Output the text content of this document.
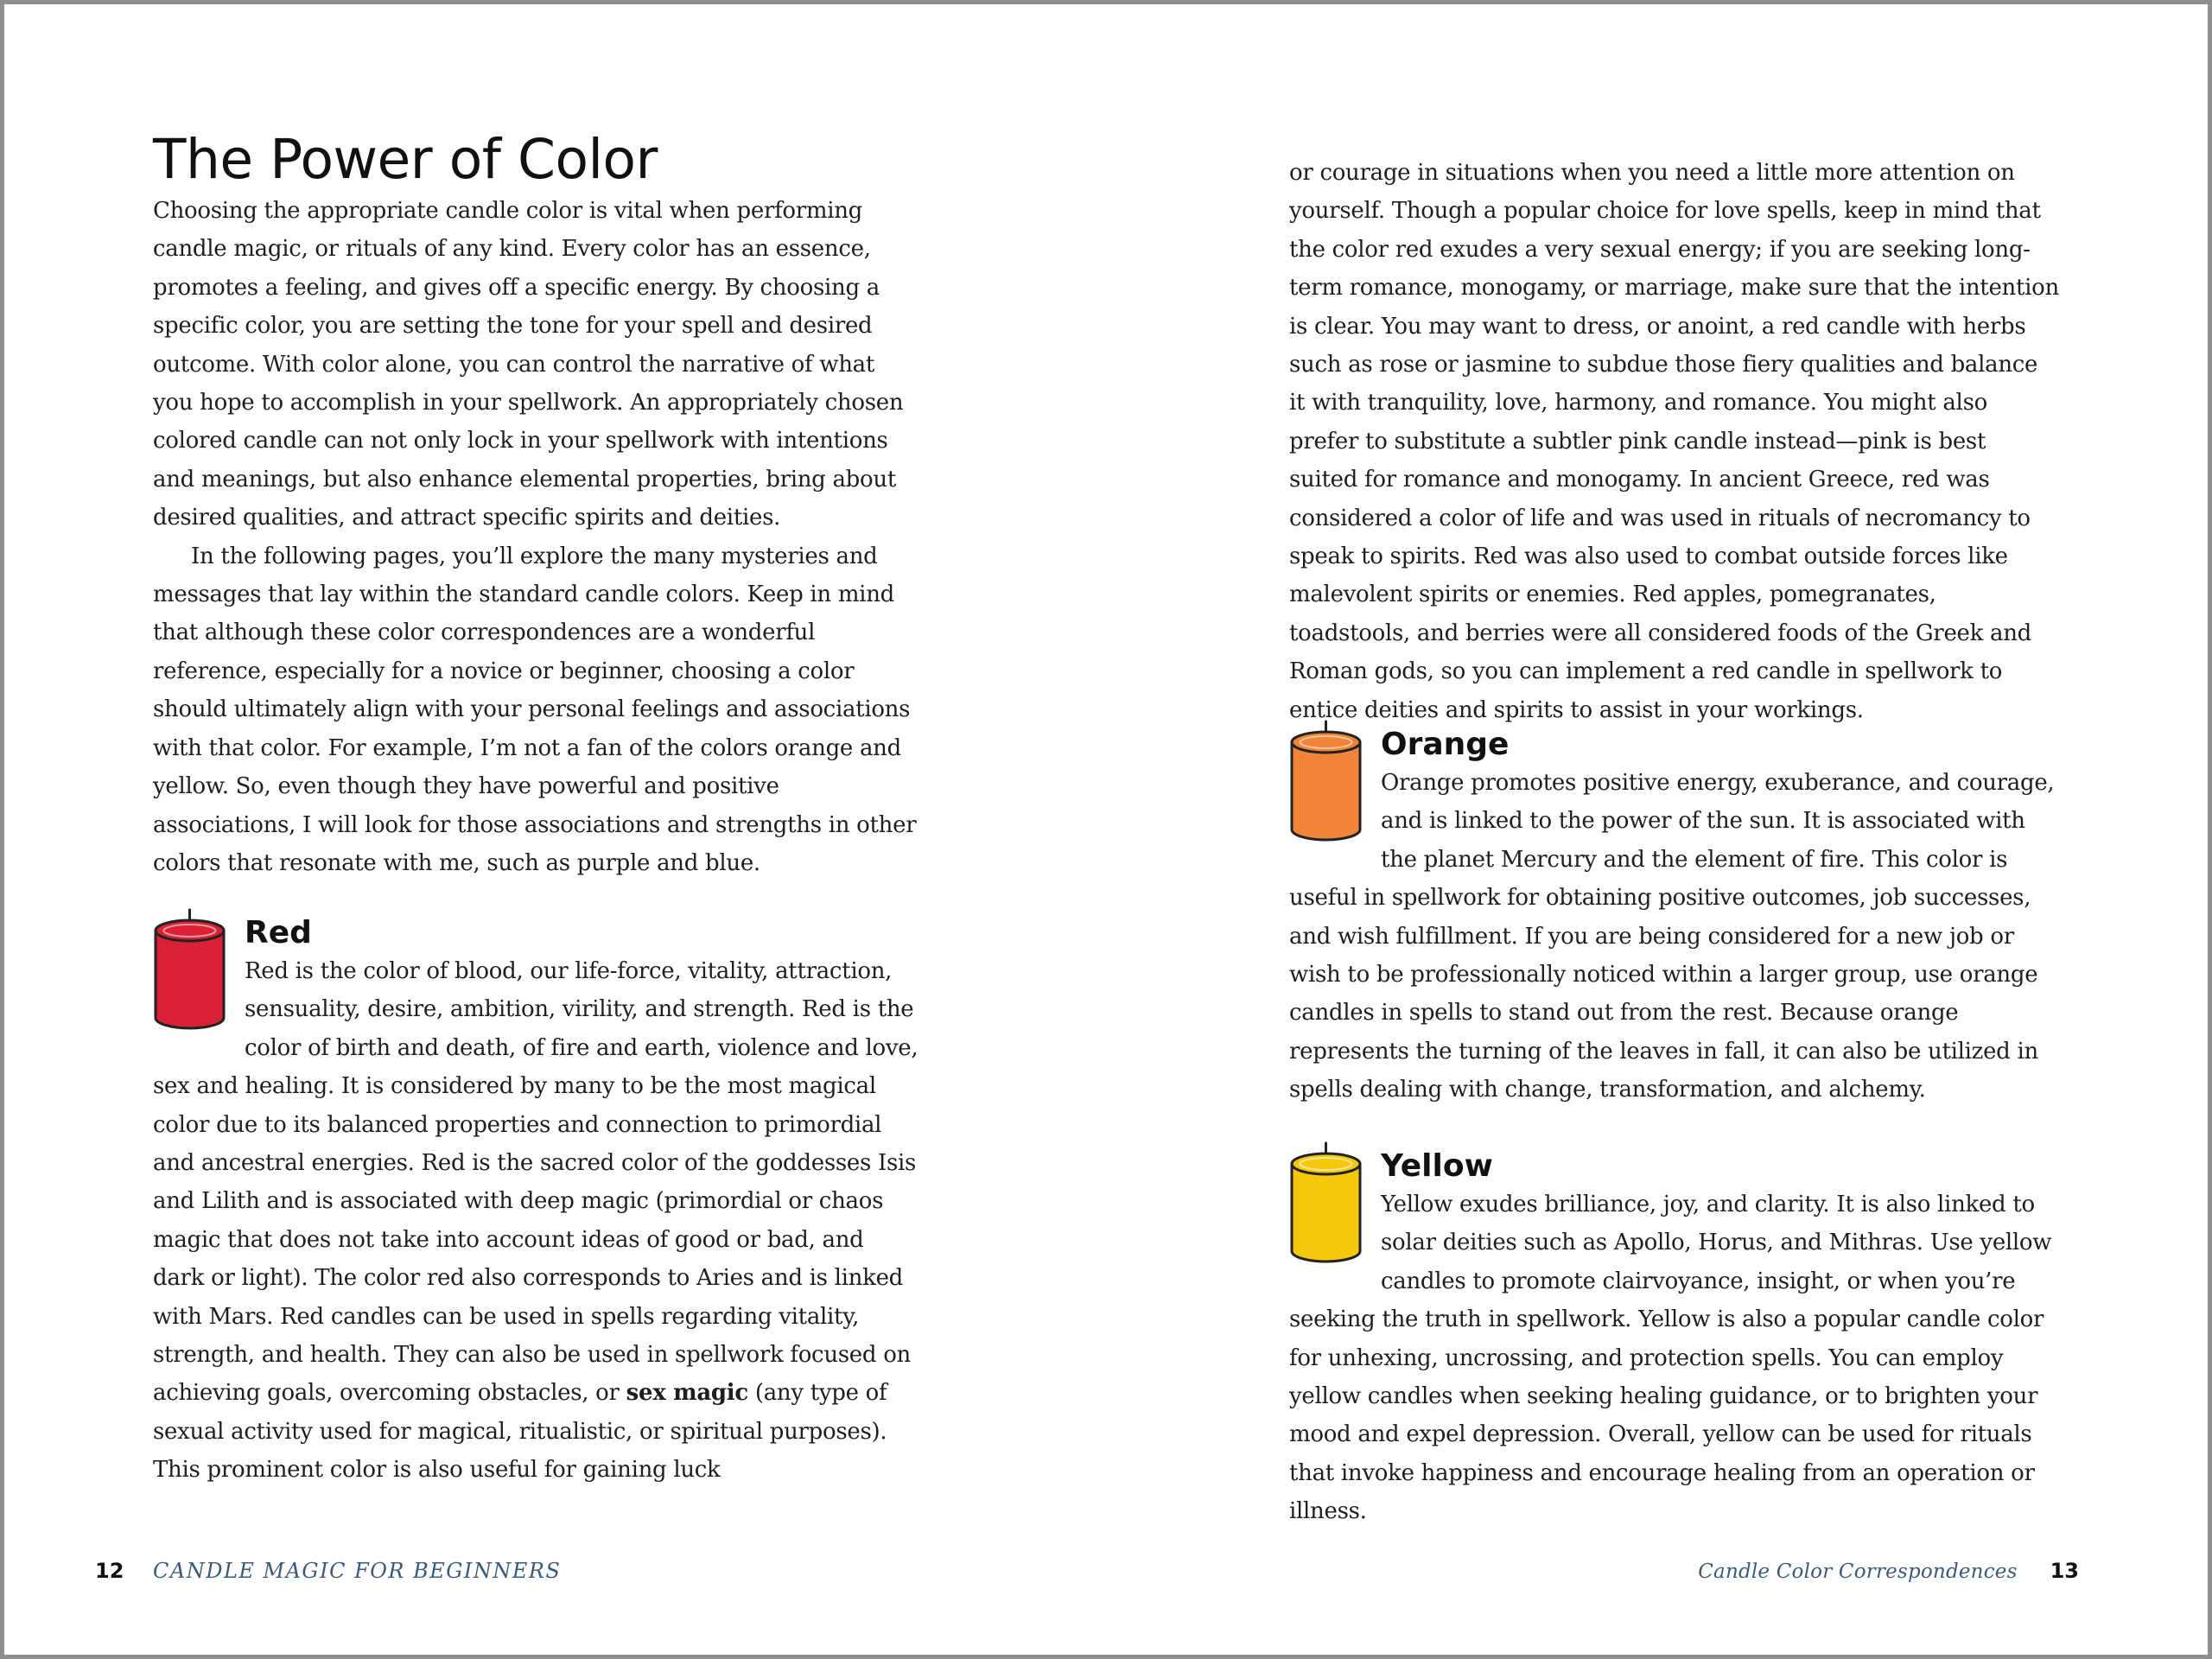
The Power of Color

Choosing the appropriate candle color is vital when performing candle magic, or rituals of any kind. Every color has an essence, promotes a feeling, and gives off a specific energy. By choosing a specific color, you are setting the tone for your spell and desired outcome. With color alone, you can control the narrative of what you hope to accomplish in your spellwork. An appropriately chosen colored candle can not only lock in your spellwork with intentions and meanings, but also enhance elemental properties, bring about desired qualities, and attract specific spirits and deities.

In the following pages, you’ll explore the many mysteries and messages that lay within the standard candle colors. Keep in mind that although these color correspondences are a wonderful reference, especially for a novice or beginner, choosing a color should ultimately align with your personal feelings and associations with that color. For example, I’m not a fan of the colors orange and yellow. So, even though they have powerful and positive associations, I will look for those associations and strengths in other colors that resonate with me, such as purple and blue.

Red

Red is the color of blood, our life-force, vitality, attraction, sensuality, desire, ambition, virility, and strength. Red is the color of birth and death, of fire and earth, violence and love, sex and healing. It is considered by many to be the most magical color due to its balanced properties and connection to primordial and ancestral energies. Red is the sacred color of the goddesses Isis and Lilith and is associated with deep magic (primordial or chaos magic that does not take into account ideas of good or bad, and dark or light). The color red also corresponds to Aries and is linked with Mars. Red candles can be used in spells regarding vitality, strength, and health. They can also be used in spellwork focused on achieving goals, overcoming obstacles, or sex magic (any type of sexual activity used for magical, ritualistic, or spiritual purposes). This prominent color is also useful for gaining luck

or courage in situations when you need a little more attention on yourself. Though a popular choice for love spells, keep in mind that the color red exudes a very sexual energy; if you are seeking long-term romance, monogamy, or marriage, make sure that the intention is clear. You may want to dress, or anoint, a red candle with herbs such as rose or jasmine to subdue those fiery qualities and balance it with tranquility, love, harmony, and romance. You might also prefer to substitute a subtler pink candle instead—pink is best suited for romance and monogamy. In ancient Greece, red was considered a color of life and was used in rituals of necromancy to speak to spirits. Red was also used to combat outside forces like malevolent spirits or enemies. Red apples, pomegranates, toadstools, and berries were all considered foods of the Greek and Roman gods, so you can implement a red candle in spellwork to entice deities and spirits to assist in your workings.

Orange

Orange promotes positive energy, exuberance, and courage, and is linked to the power of the sun. It is associated with the planet Mercury and the element of fire. This color is useful in spellwork for obtaining positive outcomes, job successes, and wish fulfillment. If you are being considered for a new job or wish to be professionally noticed within a larger group, use orange candles in spells to stand out from the rest. Because orange represents the turning of the leaves in fall, it can also be utilized in spells dealing with change, transformation, and alchemy.

Yellow

Yellow exudes brilliance, joy, and clarity. It is also linked to solar deities such as Apollo, Horus, and Mithras. Use yellow candles to promote clairvoyance, insight, or when you’re seeking the truth in spellwork. Yellow is also a popular candle color for unhexing, uncrossing, and protection spells. You can employ yellow candles when seeking healing guidance, or to brighten your mood and expel depression. Overall, yellow can be used for rituals that invoke happiness and encourage healing from an operation or illness.

12 CANDLE MAGIC FOR BEGINNERS	Candle Color Correspondences 13
